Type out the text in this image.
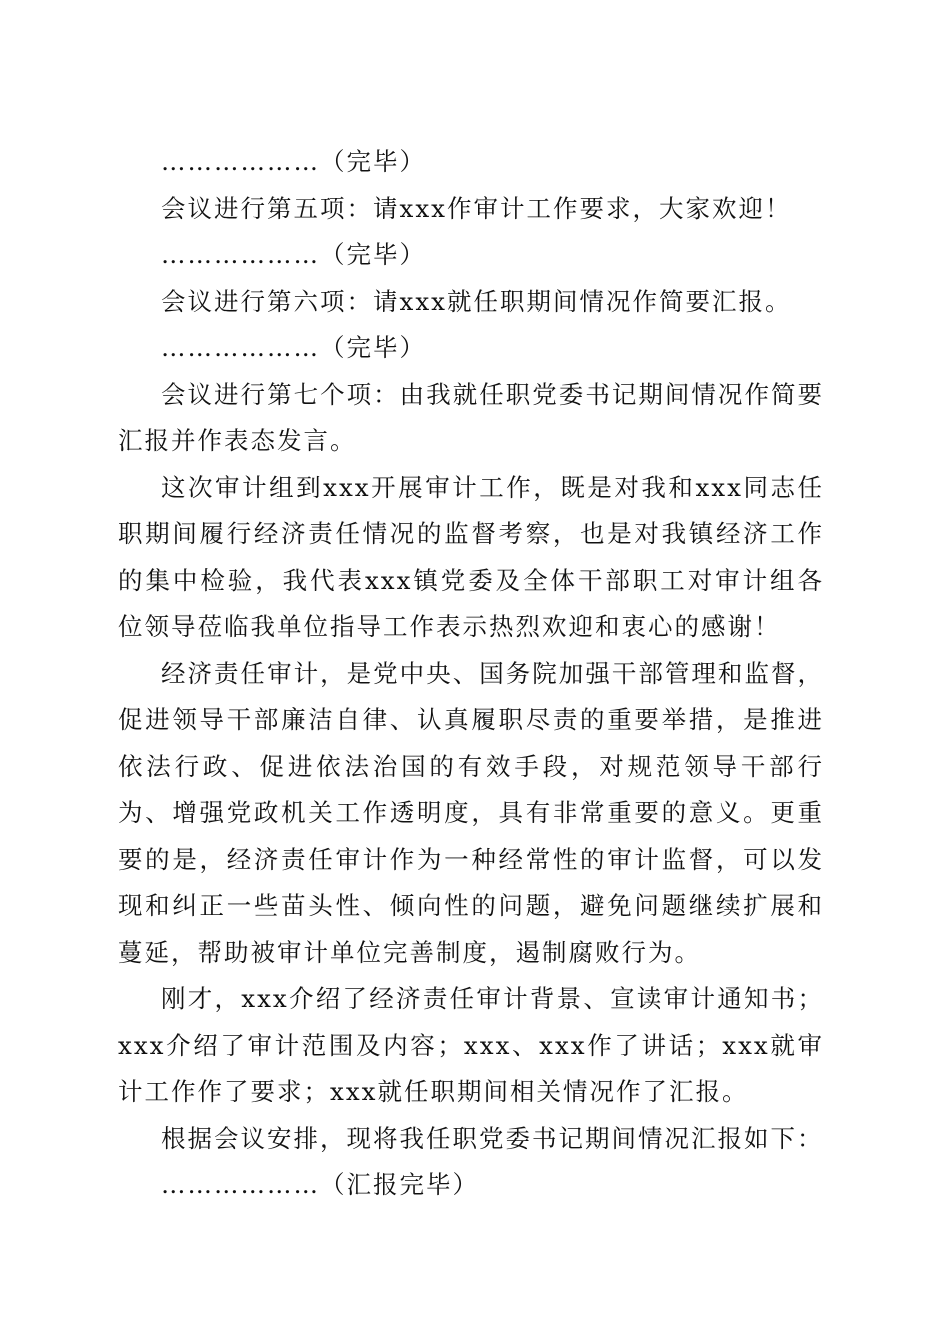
………………（完毕）

会议进行第五项：请xxx作审计工作要求，大家欢迎！

………………（完毕）

会议进行第六项：请xxx就任职期间情况作简要汇报。

………………（完毕）

会议进行第七个项：由我就任职党委书记期间情况作简要汇报并作表态发言。

这次审计组到xxx开展审计工作，既是对我和xxx同志任职期间履行经济责任情况的监督考察，也是对我镇经济工作的集中检验，我代表xxx镇党委及全体干部职工对审计组各位领导莅临我单位指导工作表示热烈欢迎和衷心的感谢！

经济责任审计，是党中央、国务院加强干部管理和监督，促进领导干部廉洁自律、认真履职尽责的重要举措，是推进依法行政、促进依法治国的有效手段，对规范领导干部行为、增强党政机关工作透明度，具有非常重要的意义。更重要的是，经济责任审计作为一种经常性的审计监督，可以发现和纠正一些苗头性、倾向性的问题，避免问题继续扩展和蔓延，帮助被审计单位完善制度，遏制腐败行为。

刚才，xxx介绍了经济责任审计背景、宣读审计通知书；xxx介绍了审计范围及内容；xxx、xxx作了讲话；xxx就审计工作作了要求；xxx就任职期间相关情况作了汇报。

根据会议安排，现将我任职党委书记期间情况汇报如下：

………………（汇报完毕）
